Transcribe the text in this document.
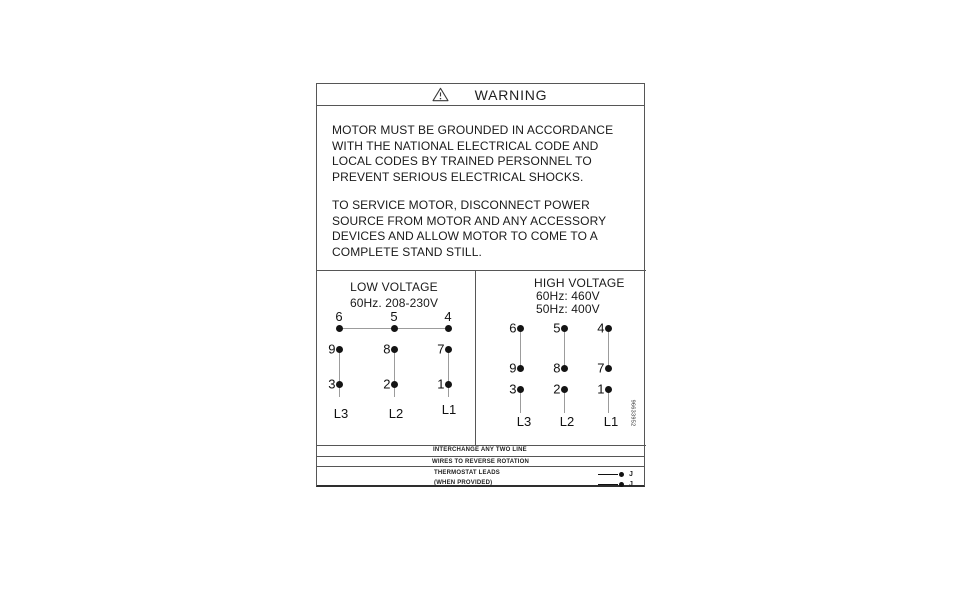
WARNING
MOTOR MUST BE GROUNDED IN ACCORDANCE
WITH THE NATIONAL ELECTRICAL CODE AND
LOCAL CODES BY TRAINED PERSONNEL TO
PREVENT SERIOUS ELECTRICAL SHOCKS.
TO SERVICE MOTOR, DISCONNECT POWER
SOURCE FROM MOTOR AND ANY ACCESSORY
DEVICES AND ALLOW MOTOR TO COME TO A
COMPLETE STAND STILL.
LOW VOLTAGE
60Hz. 208-230V
6	5	4
9	8	7
3	2	1
L3	L2	L1
HIGH VOLTAGE
60Hz: 460V
50Hz: 400V
6	5	4
9	8	7
3	2	1
L3 L2 L1 96633952
INTERCHANGE ANY TWO LINE
WIRES TO REVERSE ROTATION
THERMOSTAT LEADS
(WHEN PROVIDED)
J
J
